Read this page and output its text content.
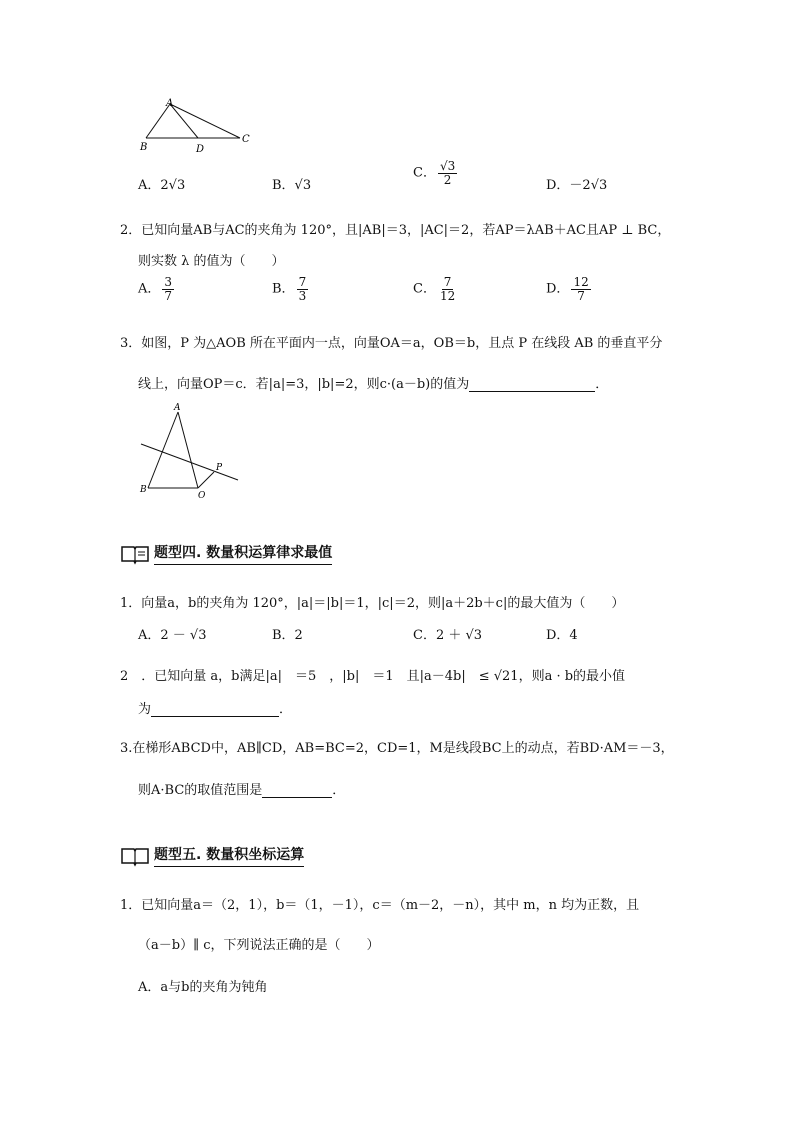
A
B	D
C
A．2√3	B．√3
C． $\frac{√3}{2}$	D．－2√3
2．已知向量AB与AC的夹角为 120°，且|AB|＝3，|AC|＝2，若AP＝λAB＋AC且AP ⊥ BC，
则实数 λ 的值为（　　）
A． $\frac{3}{7}$	B． $\frac{7}{3}$	C． $\frac{7}{12}$	D． $\frac{12}{7}$
3．如图，P 为△AOB 所在平面内一点，向量OA＝a，OB＝b，且点 P 在线段 AB 的垂直平分
线上，向量OP＝c．若|a|=3，|b|=2，则c·(a－b)的值为	．
A
B
O
P
题型四. 数量积运算律求最值
1．向量a，b的夹角为 120°，|a|＝|b|＝1，|c|＝2，则|a＋2b＋c|的最大值为（　　）
A．2 － √3	B．2	C．2 ＋ √3	D．4
2　．已知向量 a，b满足|a|　＝5　，|b|　＝1　且|a－4b|　≤ √21，则a · b的最小值
为	．
3.在梯形ABCD中，AB∥CD，AB=BC=2，CD=1，M是线段BC上的动点，若BD·AM＝－3，
则A·BC的取值范围是	．
题型五. 数量积坐标运算
1．已知向量a＝（2，1），b＝（1，－1），c＝（m－2，－n），其中 m，n 均为正数，且
（a－b）∥ c，下列说法正确的是（　　）
A．a与b的夹角为钝角
